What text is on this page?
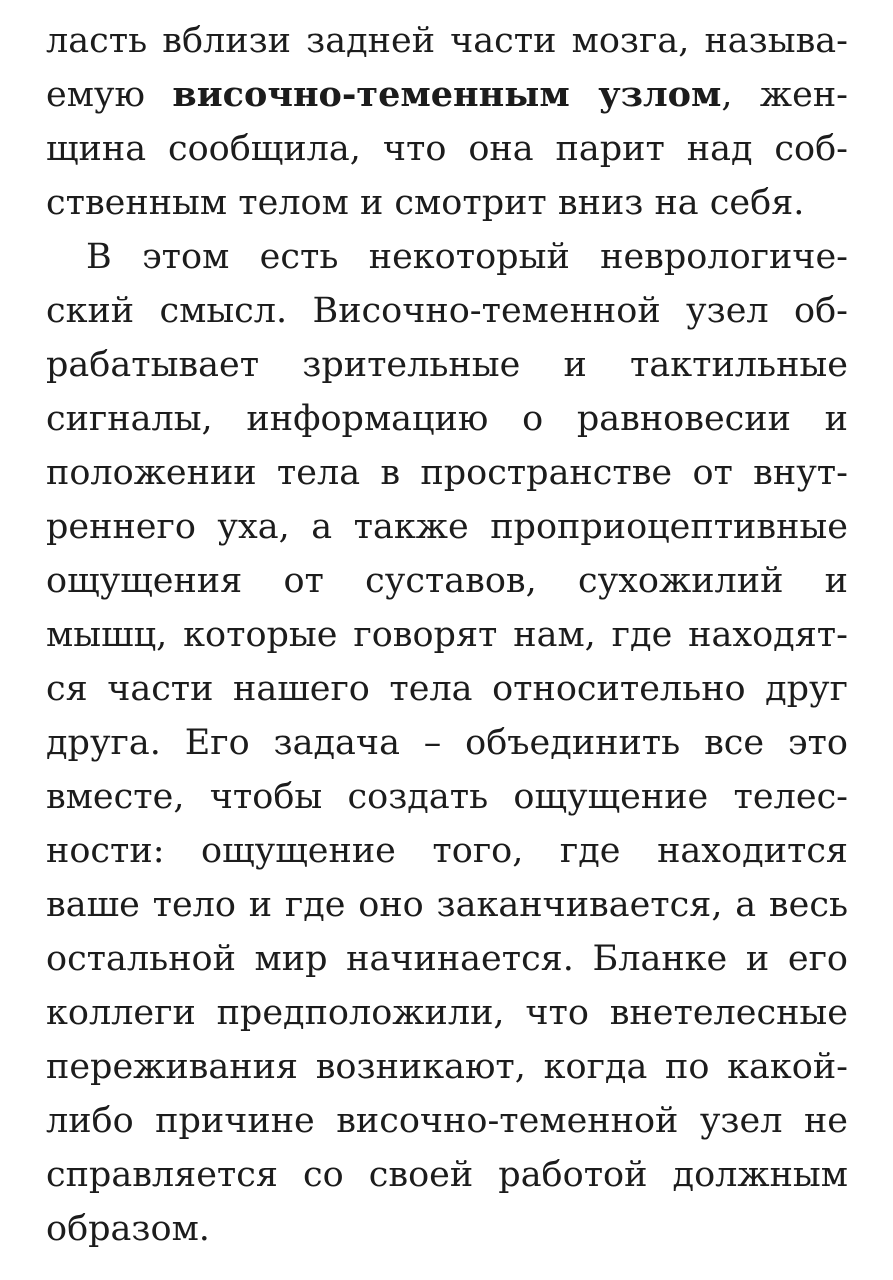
ласть вблизи задней части мозга, называ-
емую височно-теменным узлом, жен-
щина сообщила, что она парит над соб-
ственным телом и смотрит вниз на себя.
В этом есть некоторый неврологиче-
ский смысл. Височно-теменной узел об-
рабатывает зрительные и тактильные
сигналы, информацию о равновесии и
положении тела в пространстве от внут-
реннего уха, а также проприоцептивные
ощущения от суставов, сухожилий и
мышц, которые говорят нам, где находят-
ся части нашего тела относительно друг
друга. Его задача – объединить все это
вместе, чтобы создать ощущение телес-
ности: ощущение того, где находится
ваше тело и где оно заканчивается, а весь
остальной мир начинается. Бланке и его
коллеги предположили, что внетелесные
переживания возникают, когда по какой-
либо причине височно-теменной узел не
справляется со своей работой должным
образом.
